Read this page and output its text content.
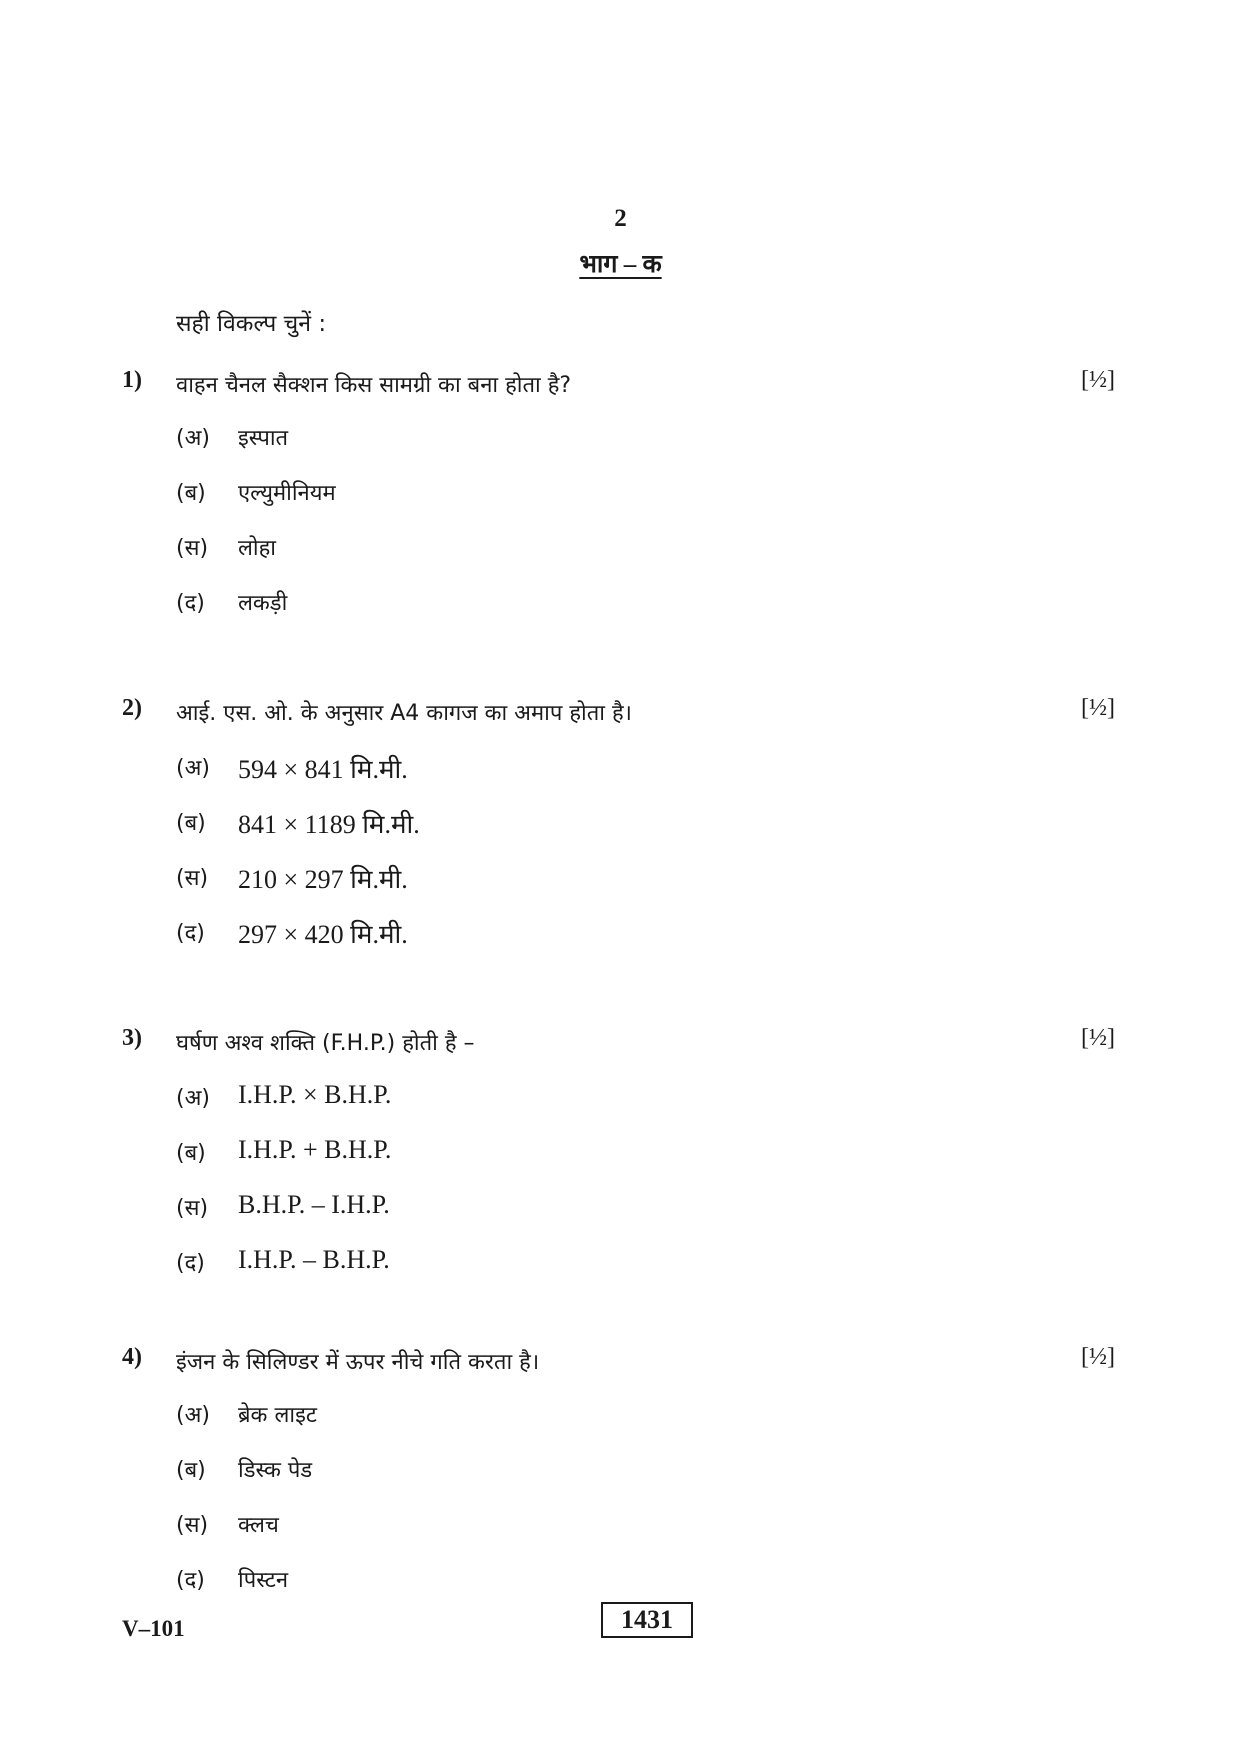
2
भाग – क
सही विकल्प चुनें :
1) वाहन चैनल सैक्शन किस सामग्री का बना होता है?	[½]
(अ) इस्पात
(ब) एल्युमीनियम
(स) लोहा
(द) लकड़ी
2) आई. एस. ओ. के अनुसार A4 कागज का अमाप होता है।	[½]
(अ) 594 × 841 मि.मी.
(ब) 841 × 1189 मि.मी.
(स) 210 × 297 मि.मी.
(द) 297 × 420 मि.मी.
3) घर्षण अश्व शक्ति (F.H.P.) होती है –	[½]
(अ) I.H.P. × B.H.P.
(ब) I.H.P. + B.H.P.
(स) B.H.P. – I.H.P.
(द) I.H.P. – B.H.P.
4) इंजन के सिलिण्डर में ऊपर नीचे गति करता है।	[½]
(अ) ब्रेक लाइट
(ब) डिस्क पेड
(स) क्लच
(द) पिस्टन
V–101	1431
